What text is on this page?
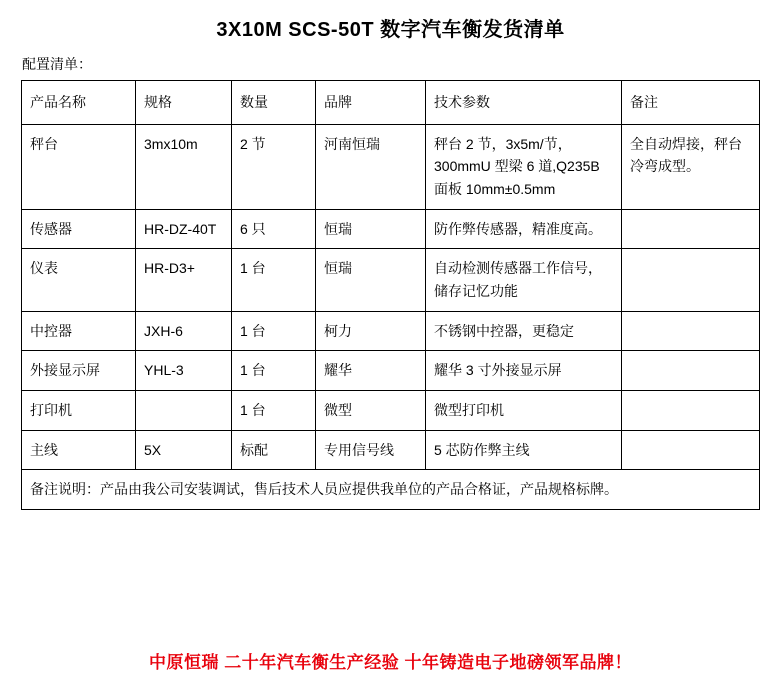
3X10M SCS-50T 数字汽车衡发货清单
配置清单：
产品名称	规格	数量	品牌	技术参数	备注
秤台	3mx10m	2 节	河南恒瑞	秤台 2 节，3x5m/节，300mmU 型梁 6 道,Q235B 面板 10mm±0.5mm	全自动焊接，秤台冷弯成型。
传感器	HR-DZ-40T	6 只	恒瑞	防作弊传感器，精准度高。	
仪表	HR-D3+	1 台	恒瑞	自动检测传感器工作信号，储存记忆功能	
中控器	JXH-6	1 台	柯力	不锈钢中控器，更稳定	
外接显示屏	YHL-3	1 台	耀华	耀华 3 寸外接显示屏	
打印机		1 台	微型	微型打印机	
主线	5X	标配	专用信号线	5 芯防作弊主线	
备注说明：产品由我公司安装调试，售后技术人员应提供我单位的产品合格证，产品规格标牌。					
中原恒瑞 二十年汽车衡生产经验 十年铸造电子地磅领军品牌！
